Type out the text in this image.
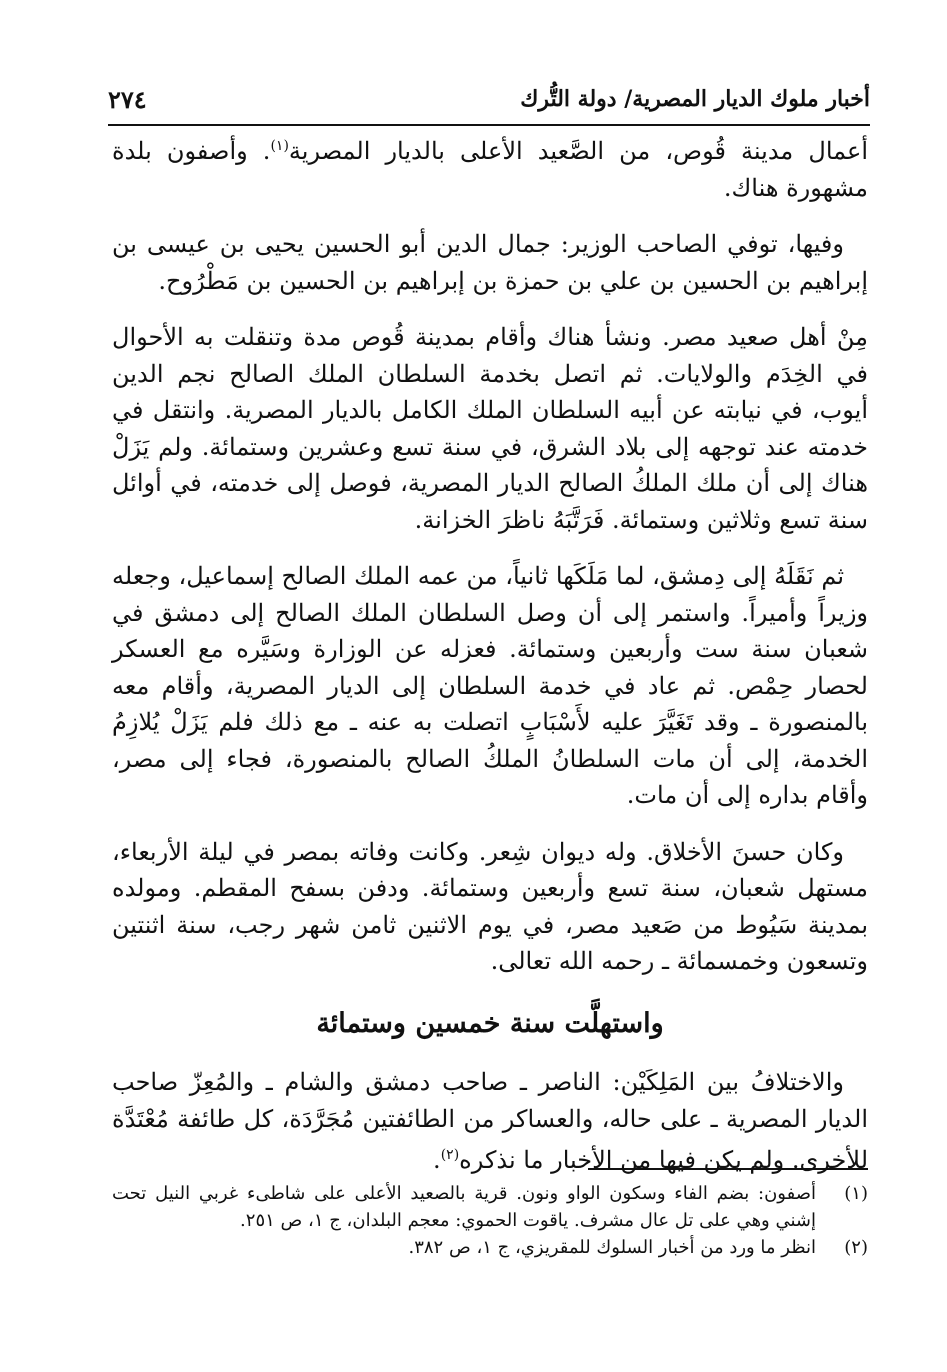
٢٧٤	أخبار ملوك الديار المصرية/ دولة التُّرك

أعمال مدينة قُوص، من الصَّعيد الأعلى بالديار المصرية$^{(١)}$. وأصفون بلدة مشهورة هناك.

وفيها، توفي الصاحب الوزير: جمال الدين أبو الحسين يحيى بن عيسى بن إبراهيم بن الحسين بن علي بن حمزة بن إبراهيم بن الحسين بن مَطْرُوح.

مِنْ أهل صعيد مصر. ونشأ هناك وأقام بمدينة قُوص مدة وتنقلت به الأحوال في الخِدَم والولايات. ثم اتصل بخدمة السلطان الملك الصالح نجم الدين أيوب، في نيابته عن أبيه السلطان الملك الكامل بالديار المصرية. وانتقل في خدمته عند توجهه إلى بلاد الشرق، في سنة تسع وعشرين وستمائة. ولم يَزَلْ هناك إلى أن ملك الملكُ الصالح الديار المصرية، فوصل إلى خدمته، في أوائل سنة تسع وثلاثين وستمائة. فَرَتَّبَهُ ناظرَ الخزانة.

ثم نَقَلَهُ إلى دِمشق، لما مَلَكَها ثانياً، من عمه الملك الصالح إسماعيل، وجعله وزيراً وأميراً. واستمر إلى أن وصل السلطان الملك الصالح إلى دمشق في شعبان سنة ست وأربعين وستمائة. فعزله عن الوزارة وسَيَّره مع العسكر لحصار حِمْص. ثم عاد في خدمة السلطان إلى الديار المصرية، وأقام معه بالمنصورة ـ وقد تَغَيَّرَ عليه لأَسْبَابٍ اتصلت به عنه ـ مع ذلك فلم يَزَلْ يُلازِمُ الخدمة، إلى أن مات السلطانُ الملكُ الصالح بالمنصورة، فجاء إلى مصر، وأقام بداره إلى أن مات.

وكان حسنَ الأخلاق. وله ديوان شِعر. وكانت وفاته بمصر في ليلة الأربعاء، مستهل شعبان، سنة تسع وأربعين وستمائة. ودفن بسفح المقطم. ومولده بمدينة سَيُوط من صَعيد مصر، في يوم الاثنين ثامن شهر رجب، سنة اثنتين وتسعون وخمسمائة ـ رحمه الله تعالى.

واستهلَّت سنة خمسين وستمائة

والاختلافُ بين المَلِكَيْن: الناصر ـ صاحب دمشق والشام ـ والمُعِزّ صاحب الديار المصرية ـ على حاله، والعساكر من الطائفتين مُجَرَّدَة، كل طائفة مُعْتَدَّة للأخرى. ولم يكن فيها من الأخبار ما نذكره$^{(٢)}$.

(١)
أصفون: بضم الفاء وسكون الواو ونون. قرية بالصعيد الأعلى على شاطىء غربي النيل تحت إشني وهي على تل عال مشرف. ياقوت الحموي: معجم البلدان، ج ١، ص ٢٥١.
(٢)
انظر ما ورد من أخبار السلوك للمقريزي، ج ١، ص ٣٨٢.
